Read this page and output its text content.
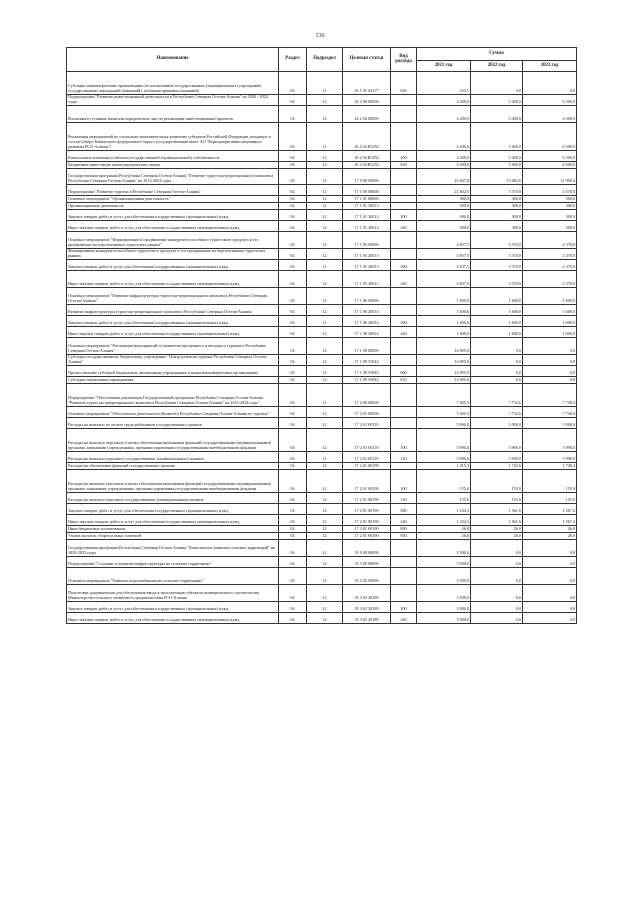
136
Наименование	Раздел	Подраздел	Целевая статья	Вид расхода	Сумма		
					2021 год	2022 год	2023 год
Субсидии некоммерческим организациям (за исключением государственных (муниципальных) учреждений, государственных корпораций (компаний), публично-правовых компаний)	04	12	16 1 05 S3277	630	233,1	0,0	0,0
Подпрограмма "Развитие инвестиционной деятельности в Республике Северная Осетия-Алания" на 2020 - 2024 годы	04	12	16 2 00 00000		4 200,0	5 400,0	6 500,0
Вложения в уставные капиталы юридических лиц по реализации инвестиционных проектов	04	12	16 2 04 00000		4 200,0	5 400,0	6 500,0
Реализация мероприятий по социально-экономическому развитию субъектов Российской Федерации, входящих в состав Северо-Кавказского федерального округа (государственный взнос АО "Корпорация инвестиционного развития РСО-Алания")	04	12	16 2 04 R5252		4 200,0	5 400,0	6 500,0
Капитальные вложения в объекты государственной (муниципальной) собственности	04	12	16 2 04 R5252	400	4 200,0	5 400,0	6 500,0
Бюджетные инвестиции иным юридическим лицам	04	12	16 2 04 R5252	450	4 200,0	5 400,0	6 500,0
Государственная программа Республики Северная Осетия-Алания "Развитие туристско-рекреационного комплекса Республики Северная Осетия-Алания" на 2014-2024 годы	04	12	17 0 00 00000		25 647,8	13 082,6	11 958,4
Подпрограмма "Развитие туризма в Республике Северная Осетия-Алания"	04	12	17 1 00 00000		21 662,5	5 570,0	4 570,0
Основное мероприятие "Организационная деятельность"	04	12	17 1 01 00000		300,0	300,0	300,0
Организационная деятельность	04	12	17 1 01 20012		300,0	300,0	300,0
Закупка товаров, работ и услуг для обеспечения государственных (муниципальных) нужд	04	12	17 1 01 20012	200	300,0	300,0	300,0
Иные закупки товаров, работ и услуг для обеспечения государственных (муниципальных) нужд	04	12	17 1 01 20012	240	300,0	300,0	300,0
Основное мероприятие "Формирование и продвижение конкурентоспособного туристского продукта и его продвижение на перспективных туристских рынках"	04	12	17 1 05 00000		4 837,5	3 370,0	2 370,0
Формирование конкурентоспособного туристского продукта и его продвижение на перспективных туристских рынках	04	12	17 1 05 20013		4 837,5	3 370,0	2 370,0
Закупка товаров, работ и услуг для обеспечения государственных (муниципальных) нужд	04	12	17 1 05 20013	200	4 837,5	3 370,0	2 370,0
Иные закупки товаров, работ и услуг для обеспечения государственных (муниципальных) нужд	04	12	17 1 05 20013	240	4 837,5	3 370,0	2 370,0
Основное мероприятие "Развитие инфраструктуры туристско-рекреационного комплекса Республики Северная Осетия-Алания"	04	12	17 1 06 00000		1 600,0	1 600,0	1 600,0
Развитие инфраструктуры туристско-рекреационного комплекса Республики Северная Осетия-Алания	04	12	17 1 06 20014		1 600,0	1 600,0	1 600,0
Закупка товаров, работ и услуг для обеспечения государственных (муниципальных) нужд	04	12	17 1 06 20014	200	1 600,0	1 600,0	1 600,0
Иные закупки товаров, работ и услуг для обеспечения государственных (муниципальных) нужд	04	12	17 1 06 20014	240	1 600,0	1 600,0	1 600,0
Основное мероприятие "Реализация мероприятий по развитию внутреннего и въездного туризма в Республике Северная Осетия-Алания"	04	12	17 1 09 00000		14 905,0	0,0	0,0
Субсидии государственному бюджетному учреждению "Центр развития туризма Республики Северная Осетия-Алания"	04	12	17 1 09 55042		14 905,0	0,0	0,0
Предоставление субсидий бюджетным, автономным учреждениям и иным некоммерческим организациям	04	12	17 1 09 55042	600	14 905,0	0,0	0,0
Субсидии бюджетным учреждениям	04	12	17 1 09 55042	610	14 905,0	0,0	0,0
Подпрограмма "Обеспечение реализации Государственной программы Республики Северная Осетия-Алания "Развитие туристско-рекреационного комплекса Республики Северная Осетия-Алания" на 2014-2024 годы"	04	12	17 2 00 00000		7 405,3	7 732,6	7 738,4
Основное мероприятие "Обеспечение деятельности Комитета Республики Северная Осетия-Алания по туризму"	04	12	17 2 01 00000		7 405,3	7 732,6	7 738,4
Расходы на выплаты по оплате труда работников государственных органов	04	12	17 2 01 00110		5 990,0	5 990,0	5 990,0
Расходы на выплаты персоналу в целях обеспечения выполнения функций государственными (муниципальными) органами, казенными учреждениями, органами управления государственными внебюджетными фондами	04	12	17 2 01 00110	100	5 990,0	5 990,0	5 990,0
Расходы на выплаты персоналу государственных (муниципальных) органов	04	12	17 2 01 00110	120	5 990,0	5 990,0	5 990,0
Расходы на обеспечение функций государственных органов	04	12	17 2 01 00190		1 415,3	1 742,6	1 748,4
Расходы на выплаты персоналу в целях обеспечения выполнения функций государственными (муниципальными) органами, казенными учреждениями, органами управления государственными внебюджетными фондами	04	12	17 2 01 00190	100	155,0	155,0	155,0
Расходы на выплаты персоналу государственных (муниципальных) органов	04	12	17 2 01 00190	120	155,0	155,0	155,0
Закупка товаров, работ и услуг для обеспечения государственных (муниципальных) нужд	04	12	17 2 01 00190	200	1 234,3	1 561,6	1 567,4
Иные закупки товаров, работ и услуг для обеспечения государственных (муниципальных) нужд	04	12	17 2 01 00190	240	1 234,3	1 561,6	1 567,4
Иные бюджетные ассигнования	04	12	17 2 01 00190	800	26,0	26,0	26,0
Уплата налогов, сборов и иных платежей	04	12	17 2 01 00190	850	26,0	26,0	26,0
Государственная программа Республики Северная Осетия-Алания "Комплексное развитие сельских территорий" на 2020-2025 годы	04	12	35 0 00 00000		3 500,0	0,0	0,0
Подпрограмма "Создание и развитие инфраструктуры на сельских территориях"	04	12	35 3 00 00000		3 500,0	0,0	0,0
Основное мероприятие "Развитие водоснабжения на сельских территориях"	04	12	35 3 02 00000		3 500,0	0,0	0,0
Подготовка документации для обеспечения ввода в эксплуатацию объектов незавершенного строительства Министерства сельского хозяйства и продовольствия РСО-Алания	04	12	35 3 02 20189		3 500,0	0,0	0,0
Закупка товаров, работ и услуг для обеспечения государственных (муниципальных) нужд	04	12	35 3 02 20189	200	3 000,0	0,0	0,0
Иные закупки товаров, работ и услуг для обеспечения государственных (муниципальных) нужд	04	12	35 3 02 20189	240	3 000,0	0,0	0,0
